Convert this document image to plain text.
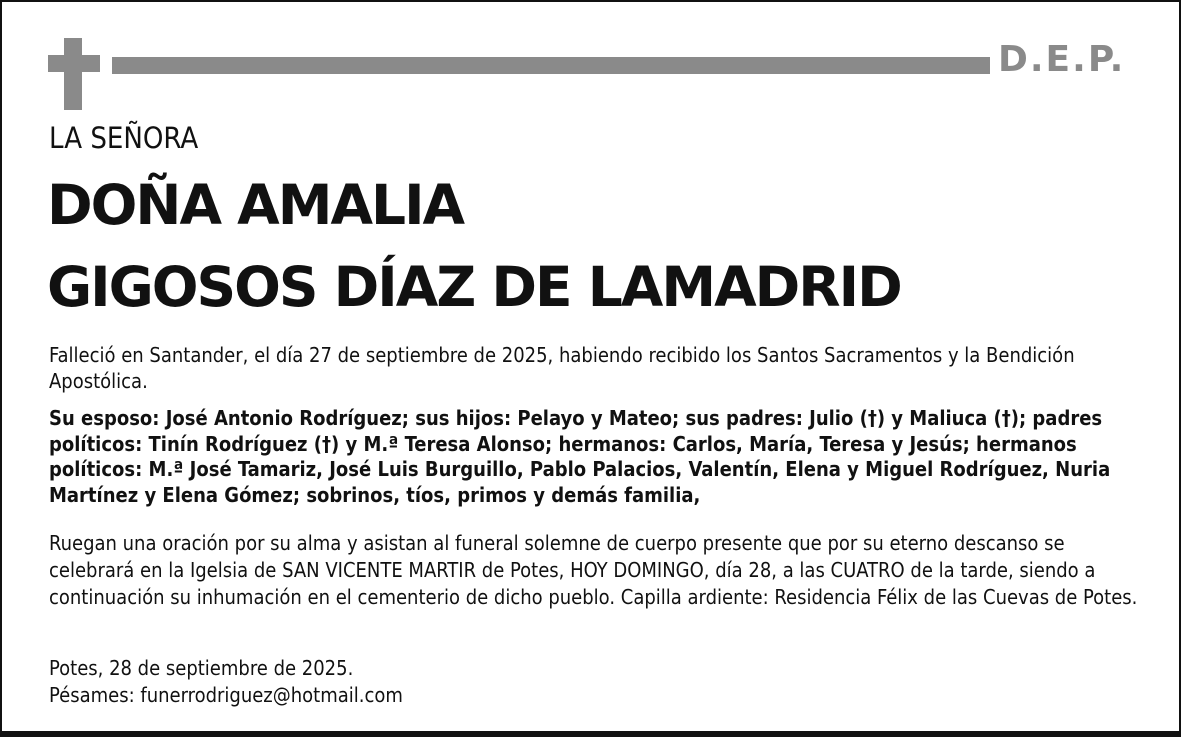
D.E.P.
LA SEÑORA
DOÑA AMALIA
GIGOSOS DÍAZ DE LAMADRID

Falleció en Santander, el día 27 de septiembre de 2025, habiendo recibido los Santos Sacramentos y la Bendición Apostólica.

Su esposo: José Antonio Rodríguez; sus hijos: Pelayo y Mateo; sus padres: Julio (†) y Maliuca (†); padres políticos: Tinín Rodríguez (†) y M.ª Teresa Alonso; hermanos: Carlos, María, Teresa y Jesús; hermanos políticos: M.ª José Tamariz, José Luis Burguillo, Pablo Palacios, Valentín, Elena y Miguel Rodríguez, Nuria Martínez y Elena Gómez; sobrinos, tíos, primos y demás familia,

Ruegan una oración por su alma y asistan al funeral solemne de cuerpo presente que por su eterno descanso se celebrará en la Igelsia de SAN VICENTE MARTIR de Potes, HOY DOMINGO, día 28, a las CUATRO de la tarde, siendo a continuación su inhumación en el cementerio de dicho pueblo. Capilla ardiente: Residencia Félix de las Cuevas de Potes.

Potes, 28 de septiembre de 2025.
Pésames: funerrodriguez@hotmail.com
